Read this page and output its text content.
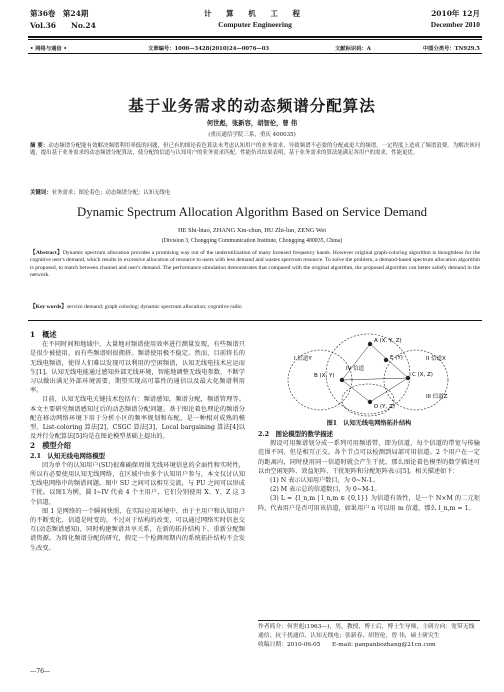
第36卷　第24期
Vol.36　　No.24
计 算 机 工 程
Computer Engineering
2010年 12月
December 2010
• 网络与通信 •	文章编号：1000—3428(2010)24—0076—03	文献标识码：A	中图分类号：TN929.5
基于业务需求的动态频谱分配算法
何世彪，张新容，胡智伦，曾 伟
(重庆通信学院三系，重庆 400035)
摘 要：动态频谱分配能有效解决频谱利用率低的问题，但已有的图论着色算法未考虑认知用户的业务需求，导致频谱不必要的分配或更大的频谱，一定程度上造成了频谱浪费。为解决该问题，提出基于业务需求的动态频谱分配算法，使分配的信道与认知用户的业务需求匹配。性能仿真结果表明，基于业务需求的算法能满足各用户的需求，性能更优。
关键词：业务需求；图论着色；动态频谱分配；认知无线电
Dynamic Spectrum Allocation Algorithm Based on Service Demand
HE Shi-biao, ZHANG Xin-chun, HU Zhi-lun, ZENG Wei
(Division 3, Chongqing Communication Institute, Chongqing 400035, China)
【Abstract】Dynamic spectrum allocation provides a promising way out of the underutilization of many licensed frequency bands. However original graph-coloring algorithm is thoughtless for the cognitive user's demand, which results in excessive allocation of resource to users with less demand and wastes spectrum resource. To solve the problem, a demand-based spectrum allocation algorithm is proposed, to match between channel and user's demand. The performance simulation demonstrates that compared with the original algorithm, the proposed algorithm can better satisfy demand in the network.
【Key words】service demand; graph coloring; dynamic spectrum allocation; cognitive radio
1　概述

在不同时间和地域中，大量地对频谱使用效率进行测量发现，有些频谱只是很少被使用，而有些频谱则很拥挤。频谱使用极不稳定。然而，目前将长的无线电频谱，使得人们难以发现可以利用的空闲频谱，认知无线电技术应运而生[1]。认知无线电能通过感知外部无线环境，智能地调整无线电参数，不断学习以做出满足外部环境需要，期望实现高可靠性的通信以及最大化频谱利用率。

目前，认知无线电关键技术包括有：频谱感知，频谱分配，频谱管理等。本文主要研究频谱感知过后的动态频谱分配问题。基于图论着色理论的频谱分配在移动网络环境下用于分析小区的频率规划和布配，是一种相对成熟的模型。List-coloring 算法[2]，CSGC 算法[3]，Local bargaining 算法[4]以及并行分配算法[5]均是在图论模型基础上提出的。

2　模型介绍
2.1　认知无线电网络模型

因为单个的认知用户(SU)很难确保周围无线环境信息的全面性和实时性，所以有必要使用认知无线网络，在区域中由多个认知用户参与，本文仅讨认知无线电网络中的频谱问题。图中 SU 之间可以相互交流，与 PU 之间可以形成干扰。以图1为例，圆 I~IV 代表 4 个主用户，它们分别使用 X、Y、Z 这 3 个信道。

图 1 是网络的一个瞬间快照，在实际应用环境中，由于主用户和认知用户的不断变化，信道是时变的，不过对于结构的改变，可以通过网络实时信息交互(动态频谱感知)，同时构建频谱共享关系，在新的拓扑结构下，重新分配频谱资源。为简化频谱分配的研究，假定一个检测周期内的系统拓扑结构不会发生改变。

A (X, Y, Z)
B (X, Y)	C (X, Z)
D (Y, Z)
E (Y)
I 信道Y	II 信道X
III 信道Z
IV 信道
图1　认知无线电网络拓扑结构
2.2　图论模型的数学描述

假设可用频谱划分成一系列可用频谱带，即为信道，每个信道的带宽与传输范围不同，但是相互正交。各个节点可以检测到局部可用信道。2 个用户在一定的距离内，同时使用同一信道时就会产生干扰。那么图论着色模型的数学描述可以由空闲矩阵、效益矩阵、干扰矩阵和分配矩阵表示[5]。相关描述如下：

(1) N 表示认知用户数目，为 0~N-1。

(2) M 表示总的信道数目，为 0~M-1。

(3) L = {l_n,m | l_n,m ∈ {0,1}} 为信道有效性，是一个 N×M 的二元矩阵，代表用户是否可用该信道，如果用户 n 可以用 m 信道，那么 l_n,m = 1。

作者简介：何世彪(1963—)，男，教授、博士后，博士生导师，主研方向：宽带无线通信、抗干扰通信、认知无线电；张新春、胡智伦，曾 伟，硕士研究生
收稿日期：2010-06-05　　E-mail: panpanbozhang@21cn.com
—76—
